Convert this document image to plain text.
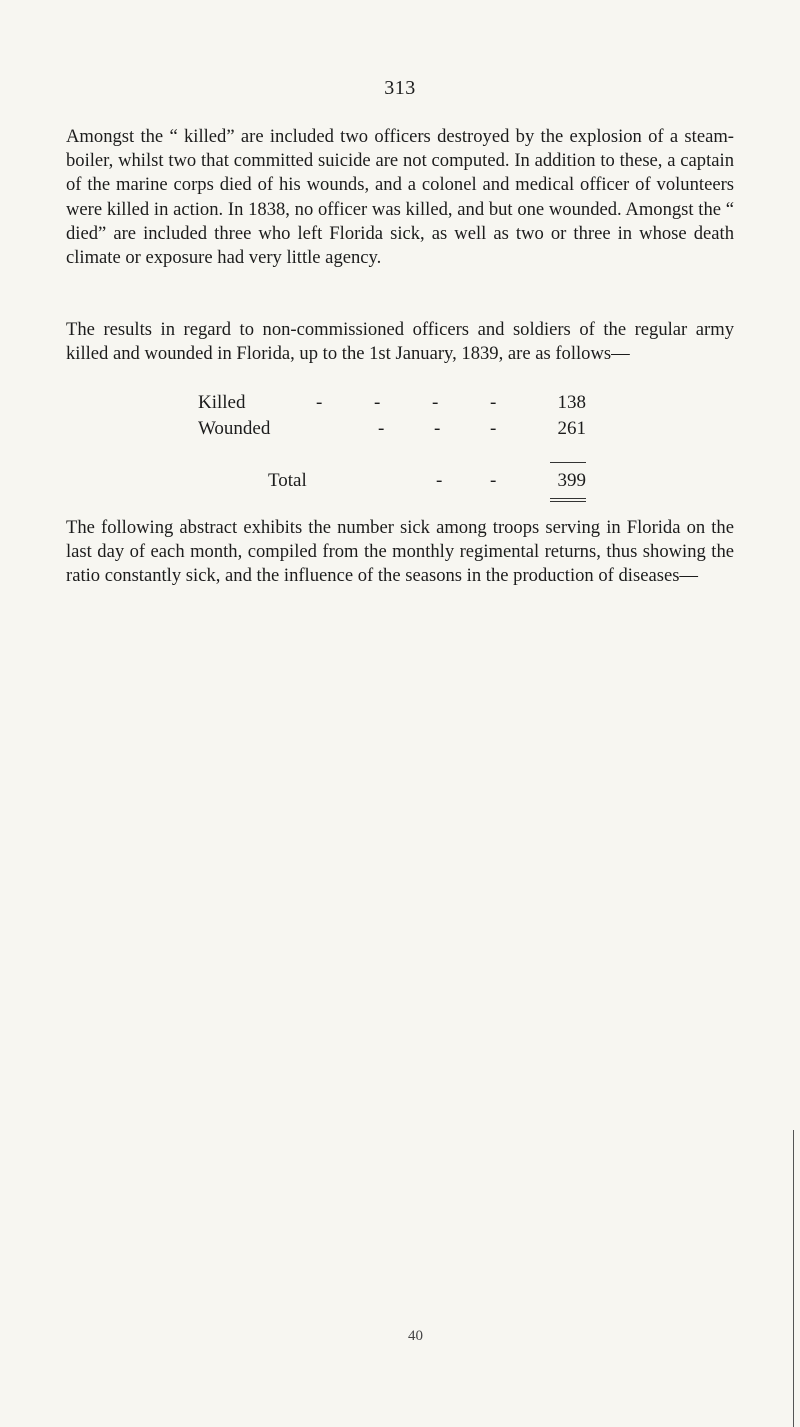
313

Amongst the “ killed” are included two officers destroyed by the explosion of a steam-boiler, whilst two that committed suicide are not computed. In addition to these, a captain of the marine corps died of his wounds, and a colonel and medical officer of volunteers were killed in action. In 1838, no officer was killed, and but one wounded. Amongst the “ died” are included three who left Florida sick, as well as two or three in whose death climate or exposure had very little agency.

The results in regard to non-commissioned officers and soldiers of the regular army killed and wounded in Florida, up to the 1st January, 1839, are as follows—

Killed	-	-	-	-	138
Wounded	-	-	-	261
Total	-	-	399

The following abstract exhibits the number sick among troops serving in Florida on the last day of each month, compiled from the monthly regimental returns, thus showing the ratio constantly sick, and the influence of the seasons in the production of diseases—

40
